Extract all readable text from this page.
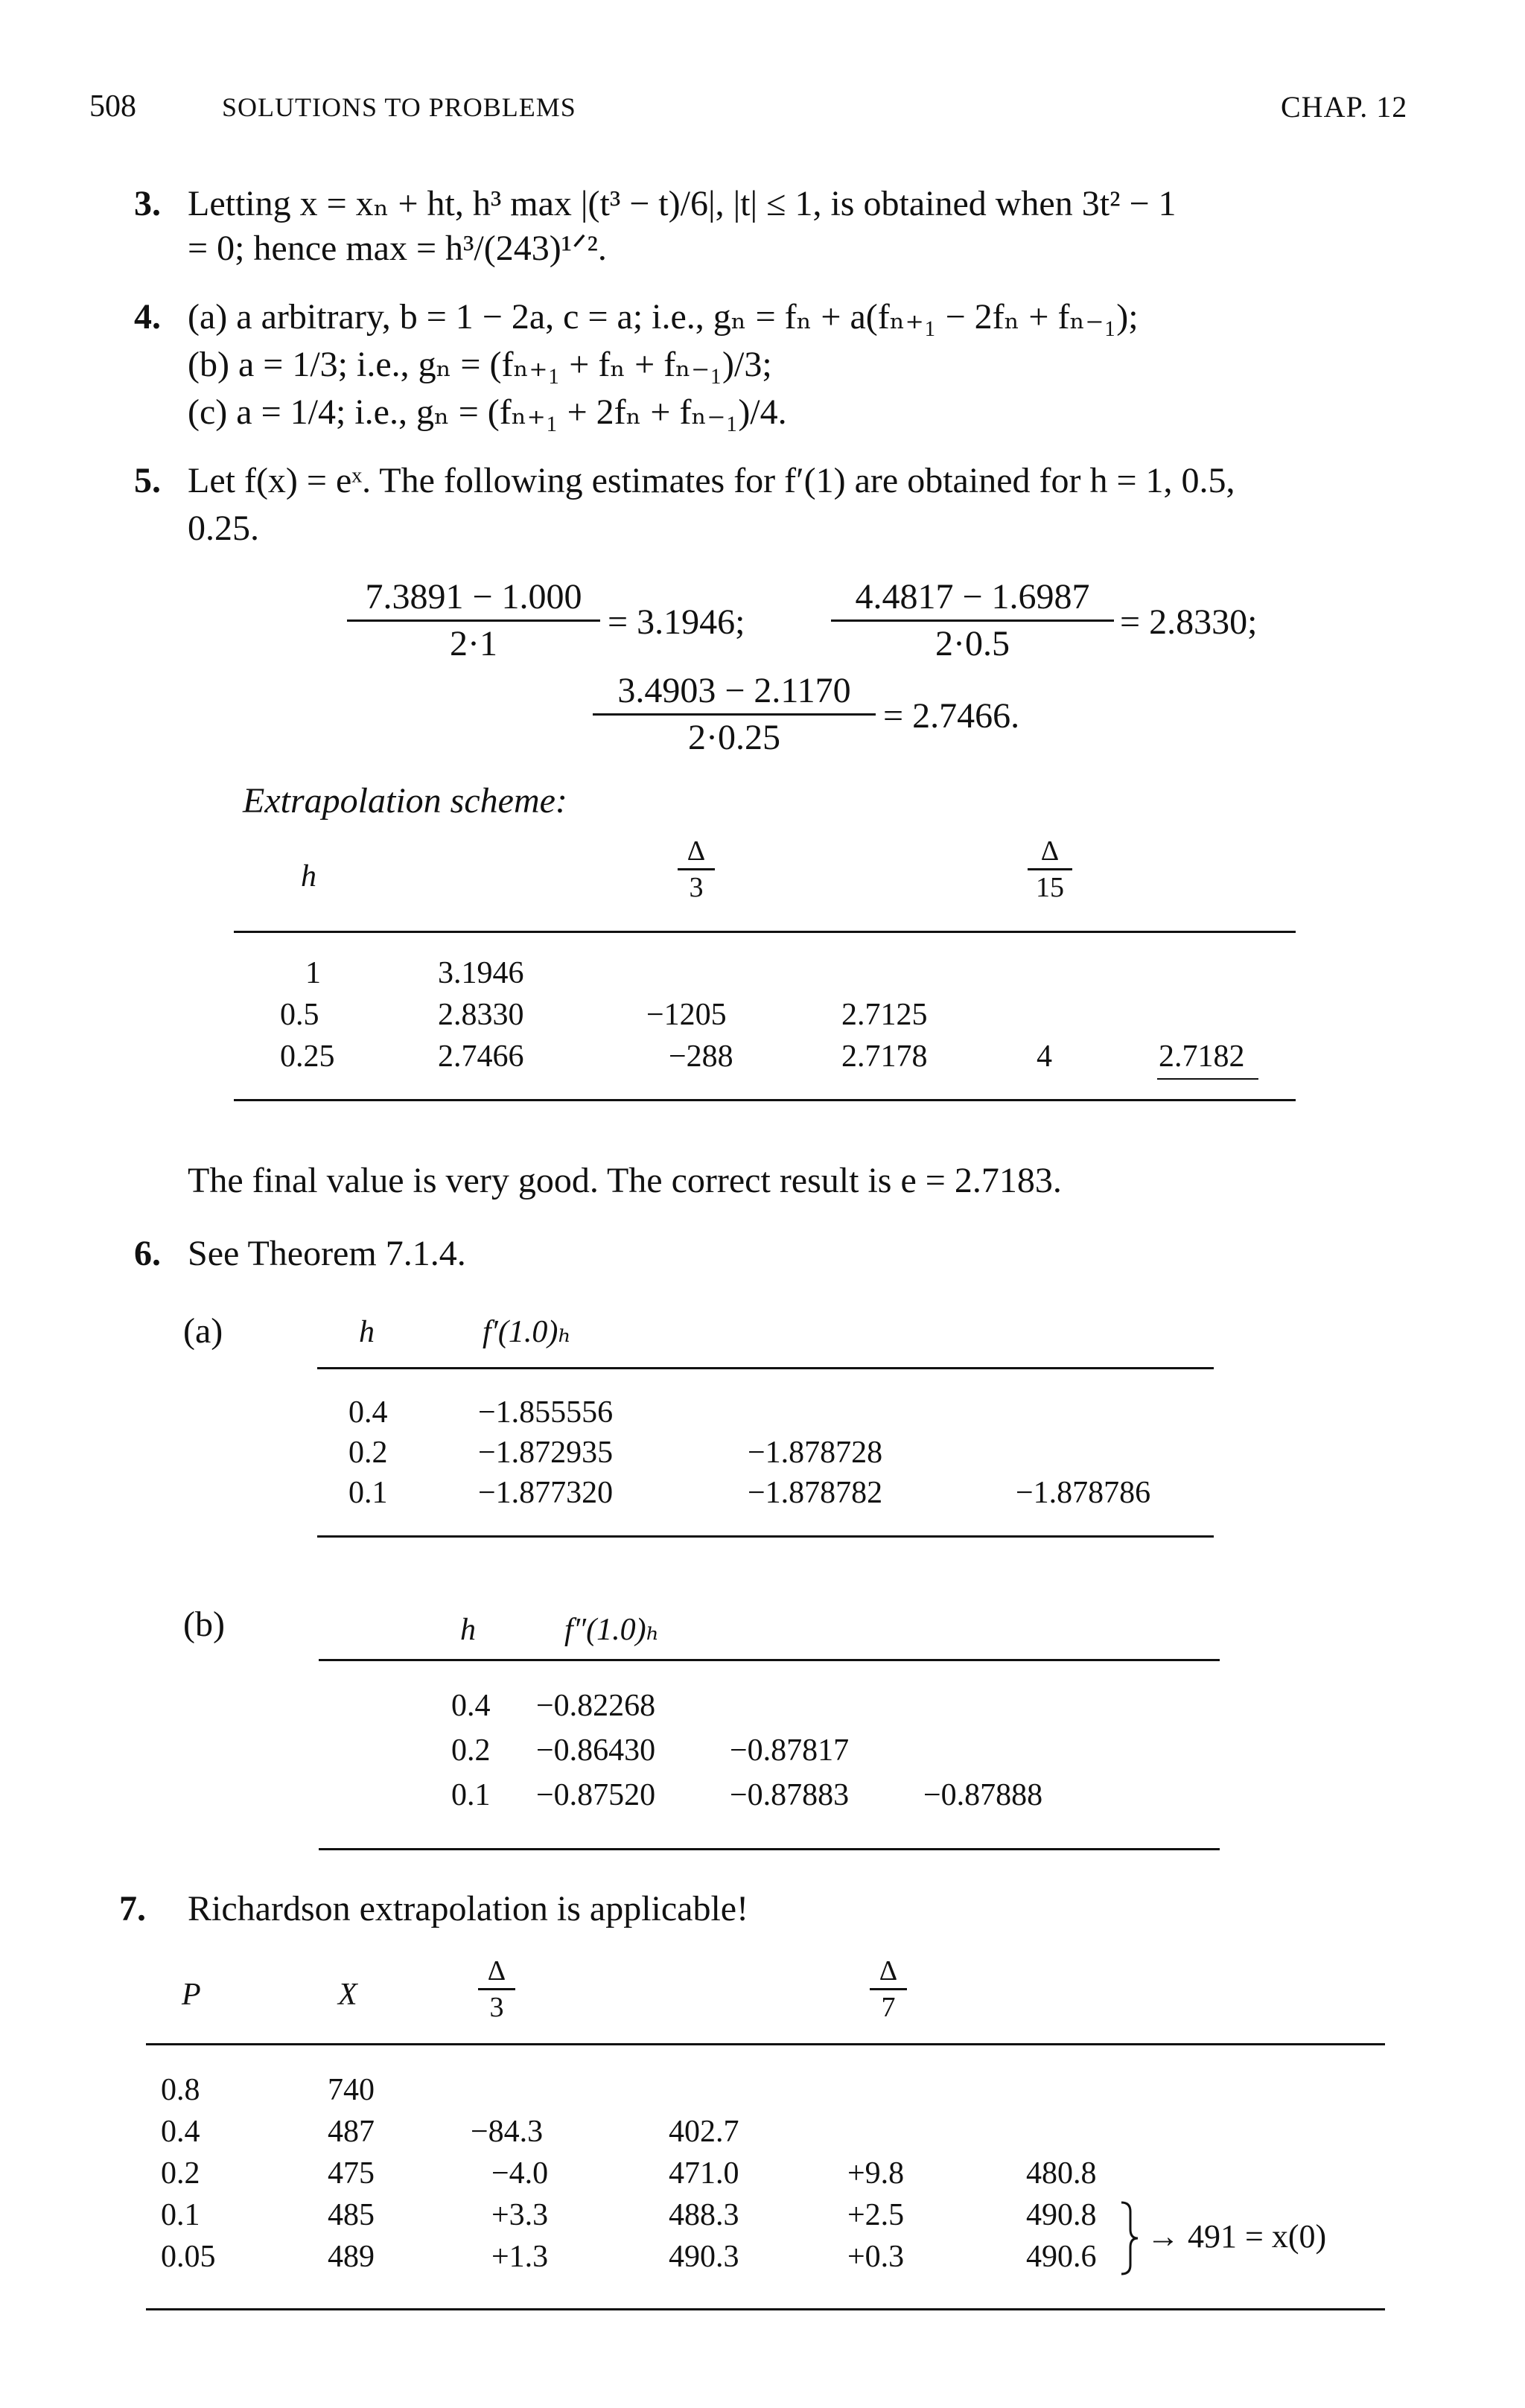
508	SOLUTIONS TO PROBLEMS	CHAP. 12
3. Letting x = xₙ + ht, h³ max |(t³ − t)/6|, |t| ≤ 1, is obtained when 3t² − 1
= 0; hence max = h³/(243)¹ᐟ².
4. (a) a arbitrary, b = 1 − 2a, c = a; i.e., gₙ = fₙ + a(fₙ₊₁ − 2fₙ + fₙ₋₁);
(b) a = 1/3; i.e., gₙ = (fₙ₊₁ + fₙ + fₙ₋₁)/3;
(c) a = 1/4; i.e., gₙ = (fₙ₊₁ + 2fₙ + fₙ₋₁)/4.
5. Let f(x) = eˣ. The following estimates for f′(1) are obtained for h = 1, 0.5,
0.25.
7.3891 − 1.000
2·1
= 3.1946;
4.4817 − 1.6987
2·0.5
= 2.8330;
3.4903 − 2.1170
2·0.25
= 2.7466.
Extrapolation scheme:
h
Δ
3
Δ
15
1	3.1946
0.5	2.8330	−1205	2.7125
0.25	2.7466	−288	2.7178	4	2.7182
The final value is very good. The correct result is e = 2.7183.
6. See Theorem 7.1.4.
(a)	h	f′(1.0)ₕ
0.4	−1.855556
0.2	−1.872935	−1.878728
0.1	−1.877320	−1.878782	−1.878786
(b)	h	f″(1.0)ₕ
0.4 −0.82268
0.2 −0.86430 −0.87817
0.1 −0.87520 −0.87883 −0.87888
7. Richardson extrapolation is applicable!
P	X
Δ
3
Δ
7
0.8	740
0.4	487	−84.3	402.7
0.2	475	−4.0	471.0	+9.8	480.8
0.1	485	+3.3	488.3	+2.5	490.8
0.05	489	+1.3	490.3	+0.3	490.6
→ 491 = x(0)
